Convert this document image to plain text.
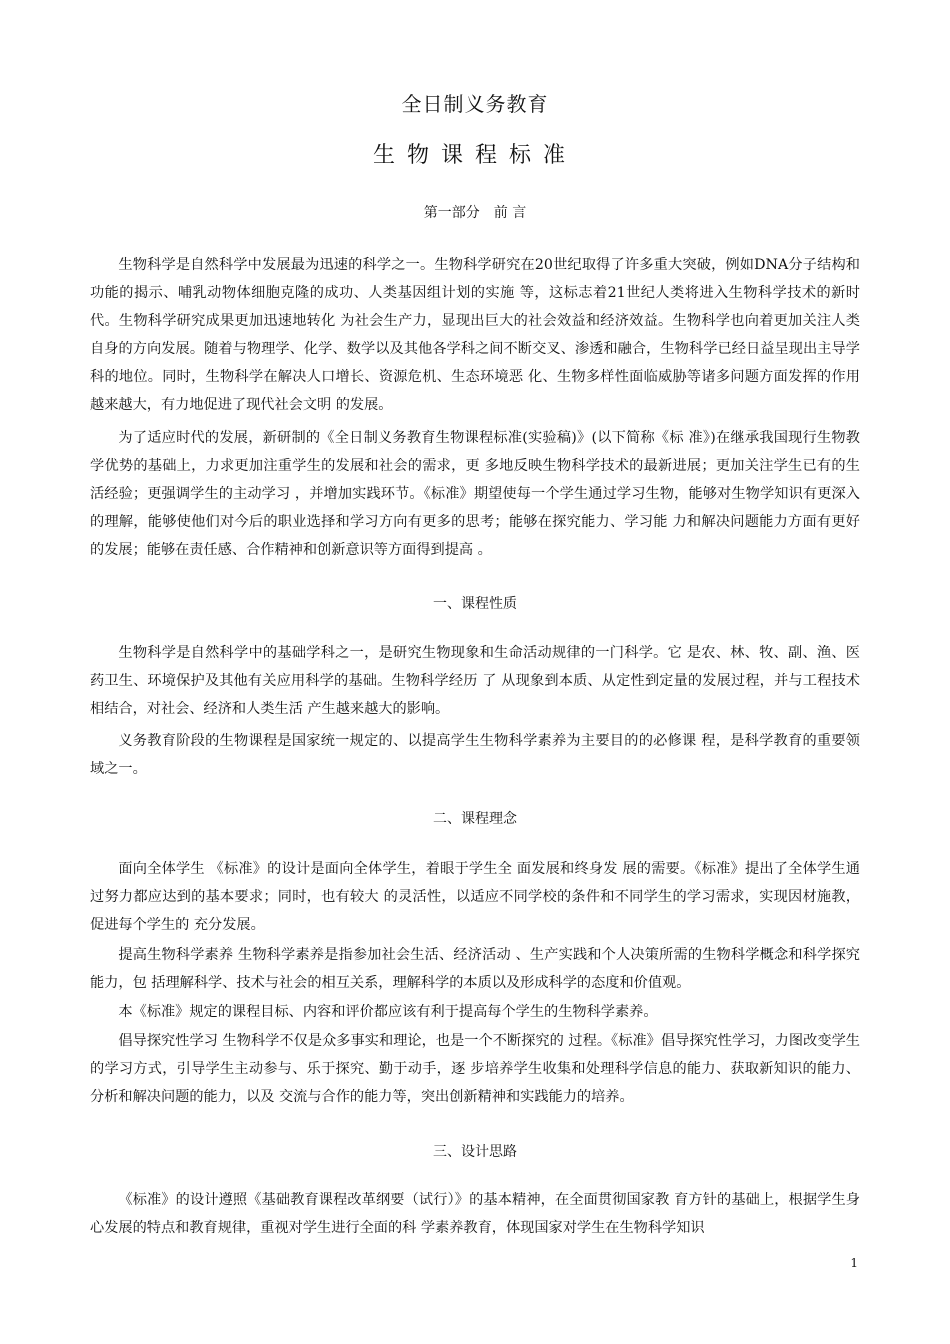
全日制义务教育
生物课程标准
第一部分　前 言

生物科学是自然科学中发展最为迅速的科学之一。生物科学研究在20世纪取得了许多重大突破，例如DNA分子结构和功能的揭示、哺乳动物体细胞克隆的成功、人类基因组计划的实施 等，这标志着21世纪人类将进入生物科学技术的新时代。生物科学研究成果更加迅速地转化 为社会生产力，显现出巨大的社会效益和经济效益。生物科学也向着更加关注人类自身的方向发展。随着与物理学、化学、数学以及其他各学科之间不断交叉、渗透和融合，生物科学已经日益呈现出主导学科的地位。同时，生物科学在解决人口增长、资源危机、生态环境恶 化、生物多样性面临威胁等诸多问题方面发挥的作用越来越大，有力地促进了现代社会文明 的发展。

为了适应时代的发展，新研制的《全日制义务教育生物课程标准(实验稿)》(以下简称《标 准》)在继承我国现行生物教学优势的基础上，力求更加注重学生的发展和社会的需求，更 多地反映生物科学技术的最新进展；更加关注学生已有的生活经验；更强调学生的主动学习 ，并增加实践环节。《标准》期望使每一个学生通过学习生物，能够对生物学知识有更深入 的理解，能够使他们对今后的职业选择和学习方向有更多的思考；能够在探究能力、学习能 力和解决问题能力方面有更好的发展；能够在责任感、合作精神和创新意识等方面得到提高 。

一、课程性质

生物科学是自然科学中的基础学科之一，是研究生物现象和生命活动规律的一门科学。它 是农、林、牧、副、渔、医药卫生、环境保护及其他有关应用科学的基础。生物科学经历 了 从现象到本质、从定性到定量的发展过程，并与工程技术相结合，对社会、经济和人类生活 产生越来越大的影响。

义务教育阶段的生物课程是国家统一规定的、以提高学生生物科学素养为主要目的的必修课 程，是科学教育的重要领域之一。

二、课程理念

面向全体学生 《标准》的设计是面向全体学生，着眼于学生全 面发展和终身发 展的需要。《标准》提出了全体学生通过努力都应达到的基本要求；同时，也有较大 的灵活性，以适应不同学校的条件和不同学生的学习需求，实现因材施教，促进每个学生的 充分发展。

提高生物科学素养 生物科学素养是指参加社会生活、经济活动 、生产实践和个人决策所需的生物科学概念和科学探究能力，包 括理解科学、技术与社会的相互关系，理解科学的本质以及形成科学的态度和价值观。

本《标准》规定的课程目标、内容和评价都应该有利于提高每个学生的生物科学素养。

倡导探究性学习 生物科学不仅是众多事实和理论，也是一个不断探究的 过程。《标准》倡导探究性学习，力图改变学生的学习方式，引导学生主动参与、乐于探究、勤于动手，逐 步培养学生收集和处理科学信息的能力、获取新知识的能力、分析和解决问题的能力，以及 交流与合作的能力等，突出创新精神和实践能力的培养。

三、设计思路

《标准》的设计遵照《基础教育课程改革纲要（试行）》的基本精神，在全面贯彻国家教 育方针的基础上，根据学生身心发展的特点和教育规律，重视对学生进行全面的科 学素养教育，体现国家对学生在生物科学知识

1
